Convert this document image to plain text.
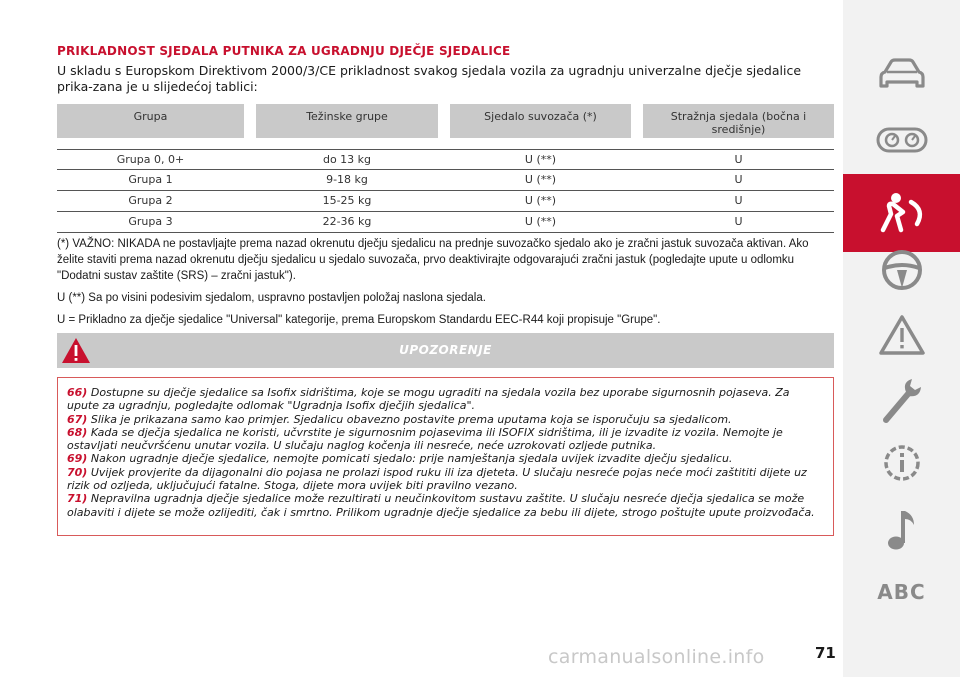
PRIKLADNOST SJEDALA PUTNIKA ZA UGRADNJU DJEČJE SJEDALICE
U skladu s Europskom Direktivom 2000/3/CE prikladnost svakog sjedala vozila za ugradnju univerzalne dječje sjedalice prika-zana je u slijedećoj tablici:
Grupa	Težinske grupe	Sjedalo suvozača (*)	Stražnja sjedala (bočna i središnje)
Grupa 0, 0+	do 13 kg	U (**)	U
Grupa 1	9-18 kg	U (**)	U
Grupa 2	15-25 kg	U (**)	U
Grupa 3	22-36 kg	U (**)	U

(*) VAŽNO: NIKADA ne postavljajte prema nazad okrenutu dječju sjedalicu na prednje suvozačko sjedalo ako je zračni jastuk suvozača aktivan. Ako želite staviti prema nazad okrenutu dječju sjedalicu u sjedalo suvozača, prvo deaktivirajte odgovarajući zračni jastuk (pogledajte upute u odlomku "Dodatni sustav zaštite (SRS) – zračni jastuk").

U (**) Sa po visini podesivim sjedalom, uspravno postavljen položaj naslona sjedala.

U = Prikladno za dječje sjedalice "Universal" kategorije, prema Europskom Standardu EEC-R44 koji propisuje "Grupe".

UPOZORENJE

66) Dostupne su dječje sjedalice sa Isofix sidrištima, koje se mogu ugraditi na sjedala vozila bez uporabe sigurnosnih pojaseva. Za upute za ugradnju, pogledajte odlomak "Ugradnja Isofix dječjih sjedalica".

67) Slika je prikazana samo kao primjer. Sjedalicu obavezno postavite prema uputama koja se isporučuju sa sjedalicom.

68) Kada se dječja sjedalica ne koristi, učvrstite je sigurnosnim pojasevima ili ISOFIX sidrištima, ili je izvadite iz vozila. Nemojte je ostavljati neučvršćenu unutar vozila. U slučaju naglog kočenja ili nesreće, neće uzrokovati ozljede putnika.

69) Nakon ugradnje dječje sjedalice, nemojte pomicati sjedalo: prije namještanja sjedala uvijek izvadite dječju sjedalicu.

70) Uvijek provjerite da dijagonalni dio pojasa ne prolazi ispod ruku ili iza djeteta. U slučaju nesreće pojas neće moći zaštititi dijete uz rizik od ozljeda, uključujući fatalne. Stoga, dijete mora uvijek biti pravilno vezano.

71) Nepravilna ugradnja dječje sjedalice može rezultirati u neučinkovitom sustavu zaštite. U slučaju nesreće dječja sjedalica se može olabaviti i dijete se može ozlijediti, čak i smrtno. Prilikom ugradnje dječje sjedalice za bebu ili dijete, strogo poštujte upute proizvođača.

ABC
71
carmanualsonline.info
